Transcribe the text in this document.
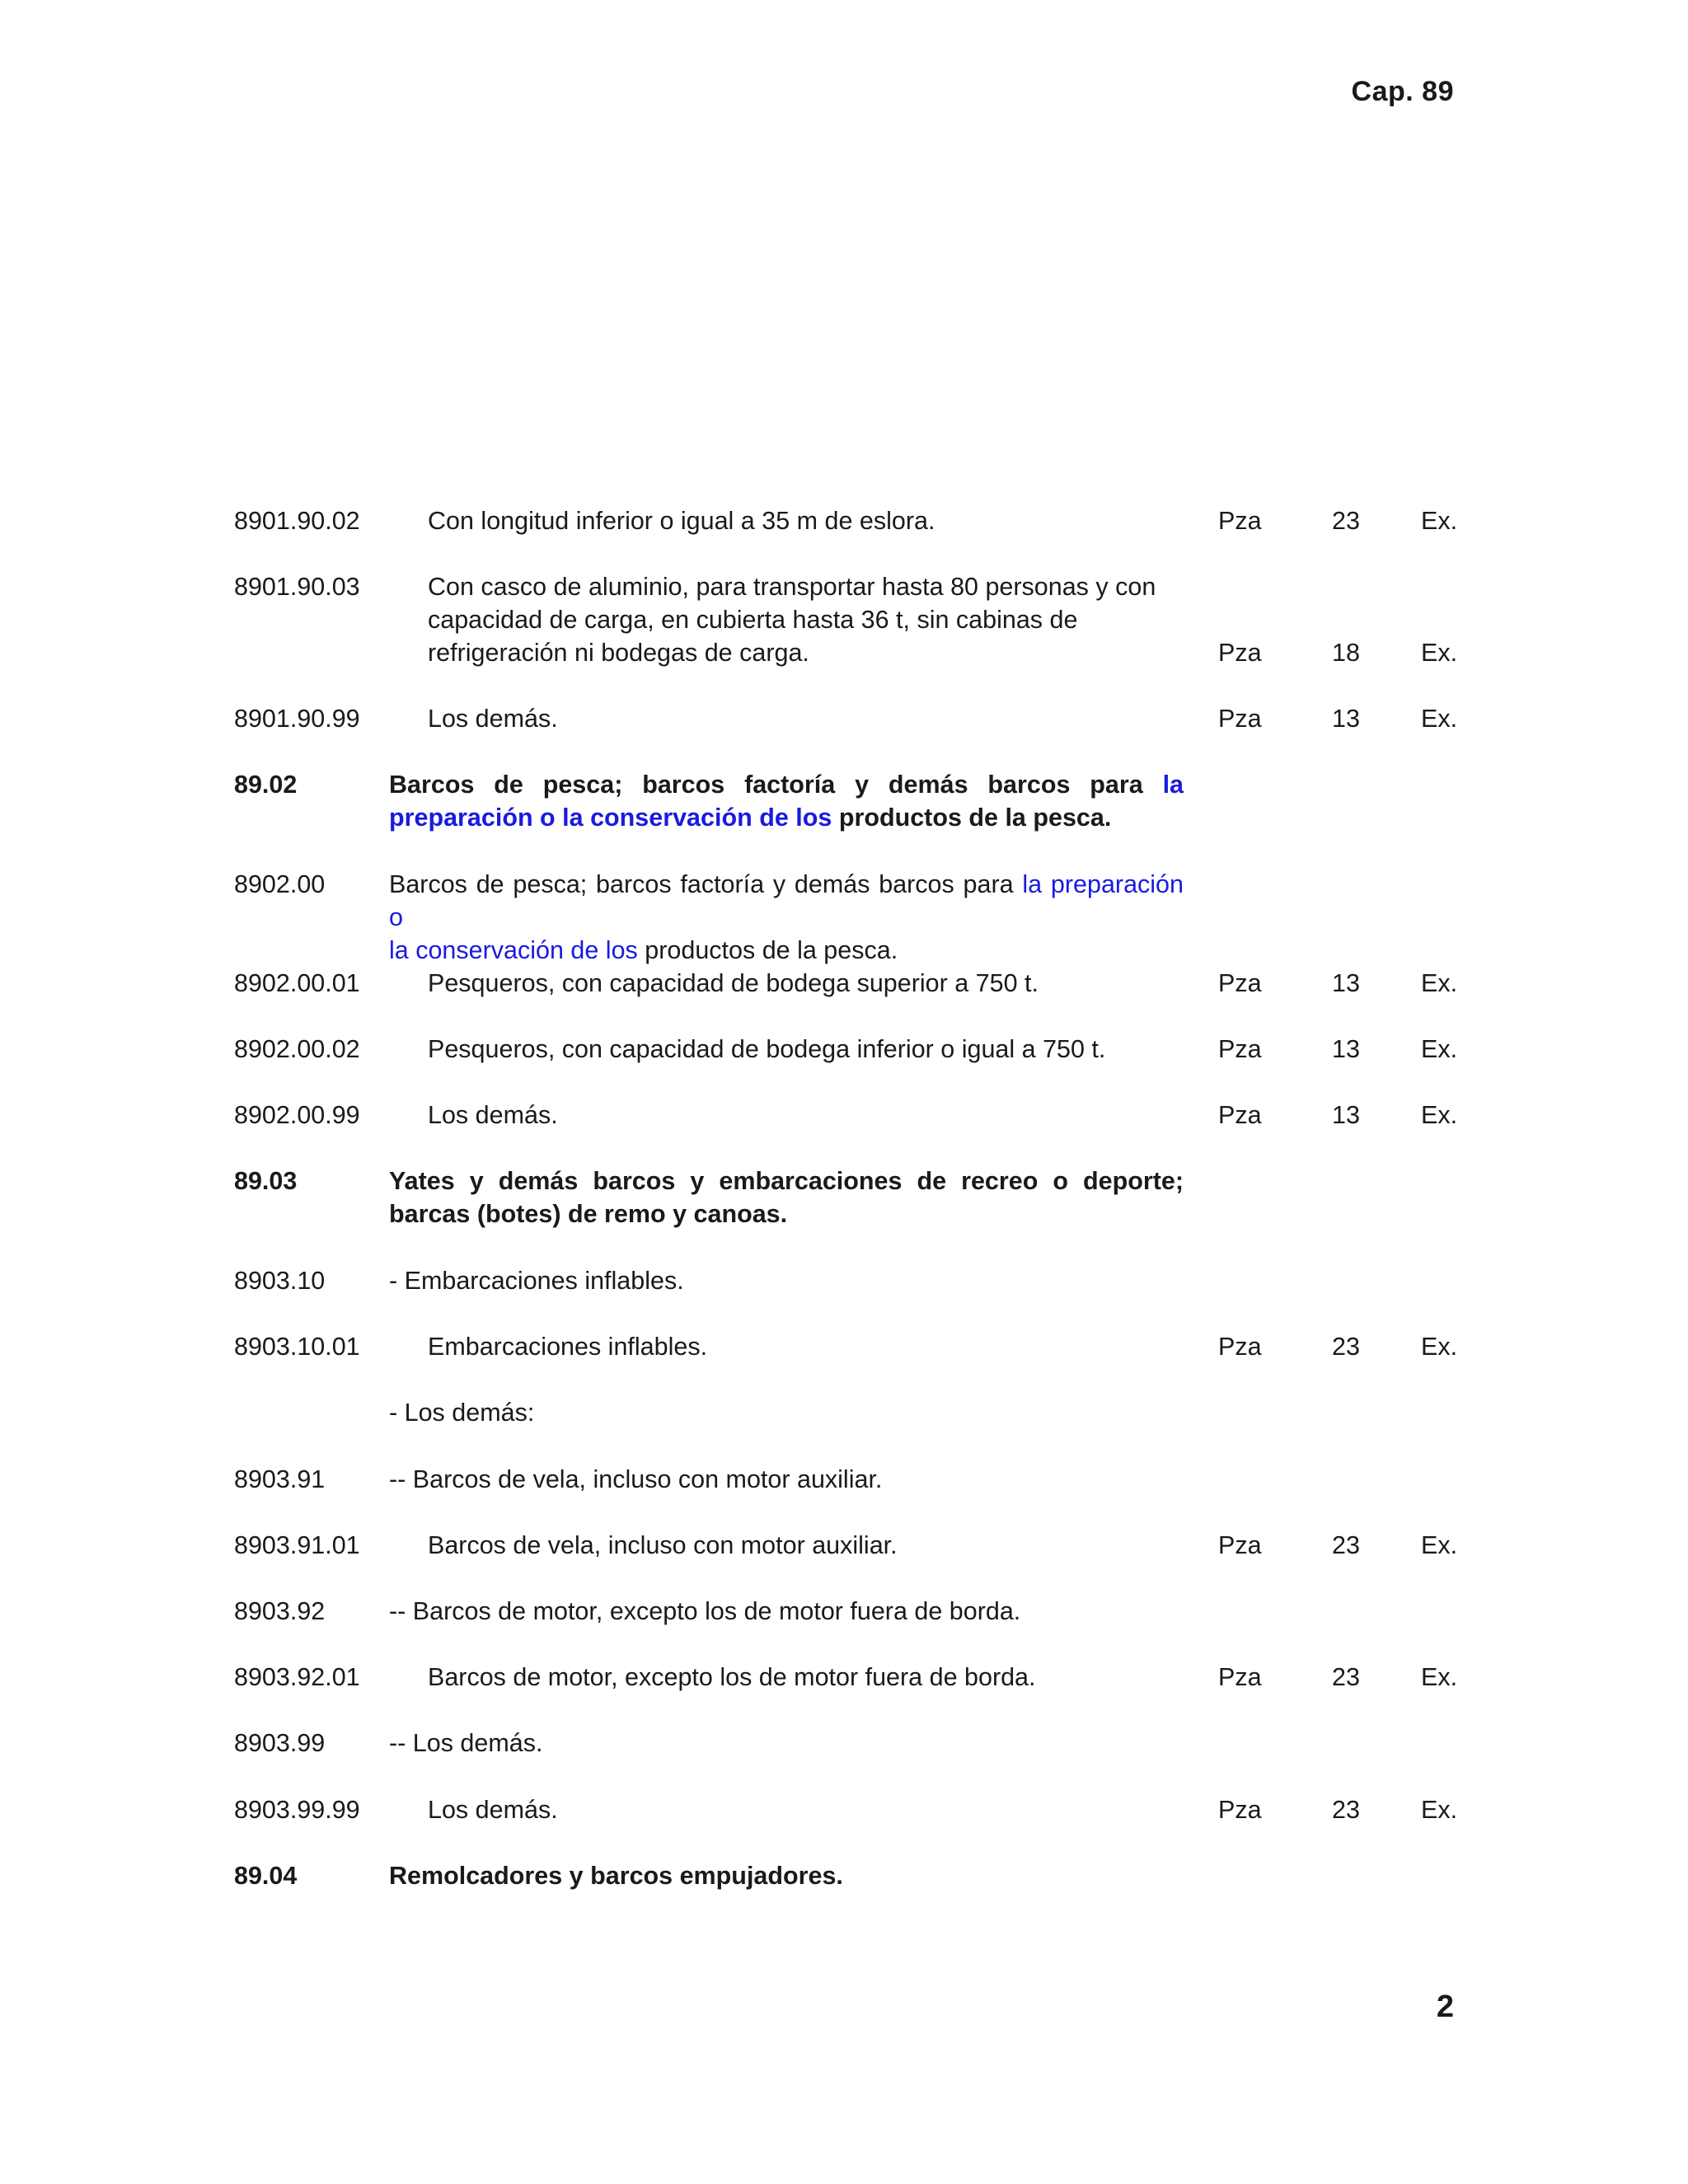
Cap. 89
8901.90.02	Con longitud inferior o igual a 35 m de eslora.	Pza	23 Ex.
8901.90.03	Con casco de aluminio, para transportar hasta 80 personas y con
capacidad de carga, en cubierta hasta 36 t, sin cabinas de
refrigeración ni bodegas de carga.	Pza	18 Ex.
8901.90.99	Los demás.	Pza	13 Ex.
89.02	Barcos de pesca; barcos factoría y demás barcos para la
preparación o la conservación de los productos de la pesca.
8902.00	Barcos de pesca; barcos factoría y demás barcos para la preparación o
la conservación de los productos de la pesca.
8902.00.01	Pesqueros, con capacidad de bodega superior a 750 t.	Pza	13 Ex.
8902.00.02	Pesqueros, con capacidad de bodega inferior o igual a 750 t.	Pza	13 Ex.
8902.00.99	Los demás.	Pza	13 Ex.
89.03	Yates y demás barcos y embarcaciones de recreo o deporte;
barcas (botes) de remo y canoas.
8903.10	- Embarcaciones inflables.
8903.10.01	Embarcaciones inflables.	Pza	23 Ex.
- Los demás:
8903.91	-- Barcos de vela, incluso con motor auxiliar.
8903.91.01	Barcos de vela, incluso con motor auxiliar.	Pza	23 Ex.
8903.92	-- Barcos de motor, excepto los de motor fuera de borda.
8903.92.01	Barcos de motor, excepto los de motor fuera de borda.	Pza	23 Ex.
8903.99	-- Los demás.
8903.99.99	Los demás.	Pza	23 Ex.
89.04	Remolcadores y barcos empujadores.
2
